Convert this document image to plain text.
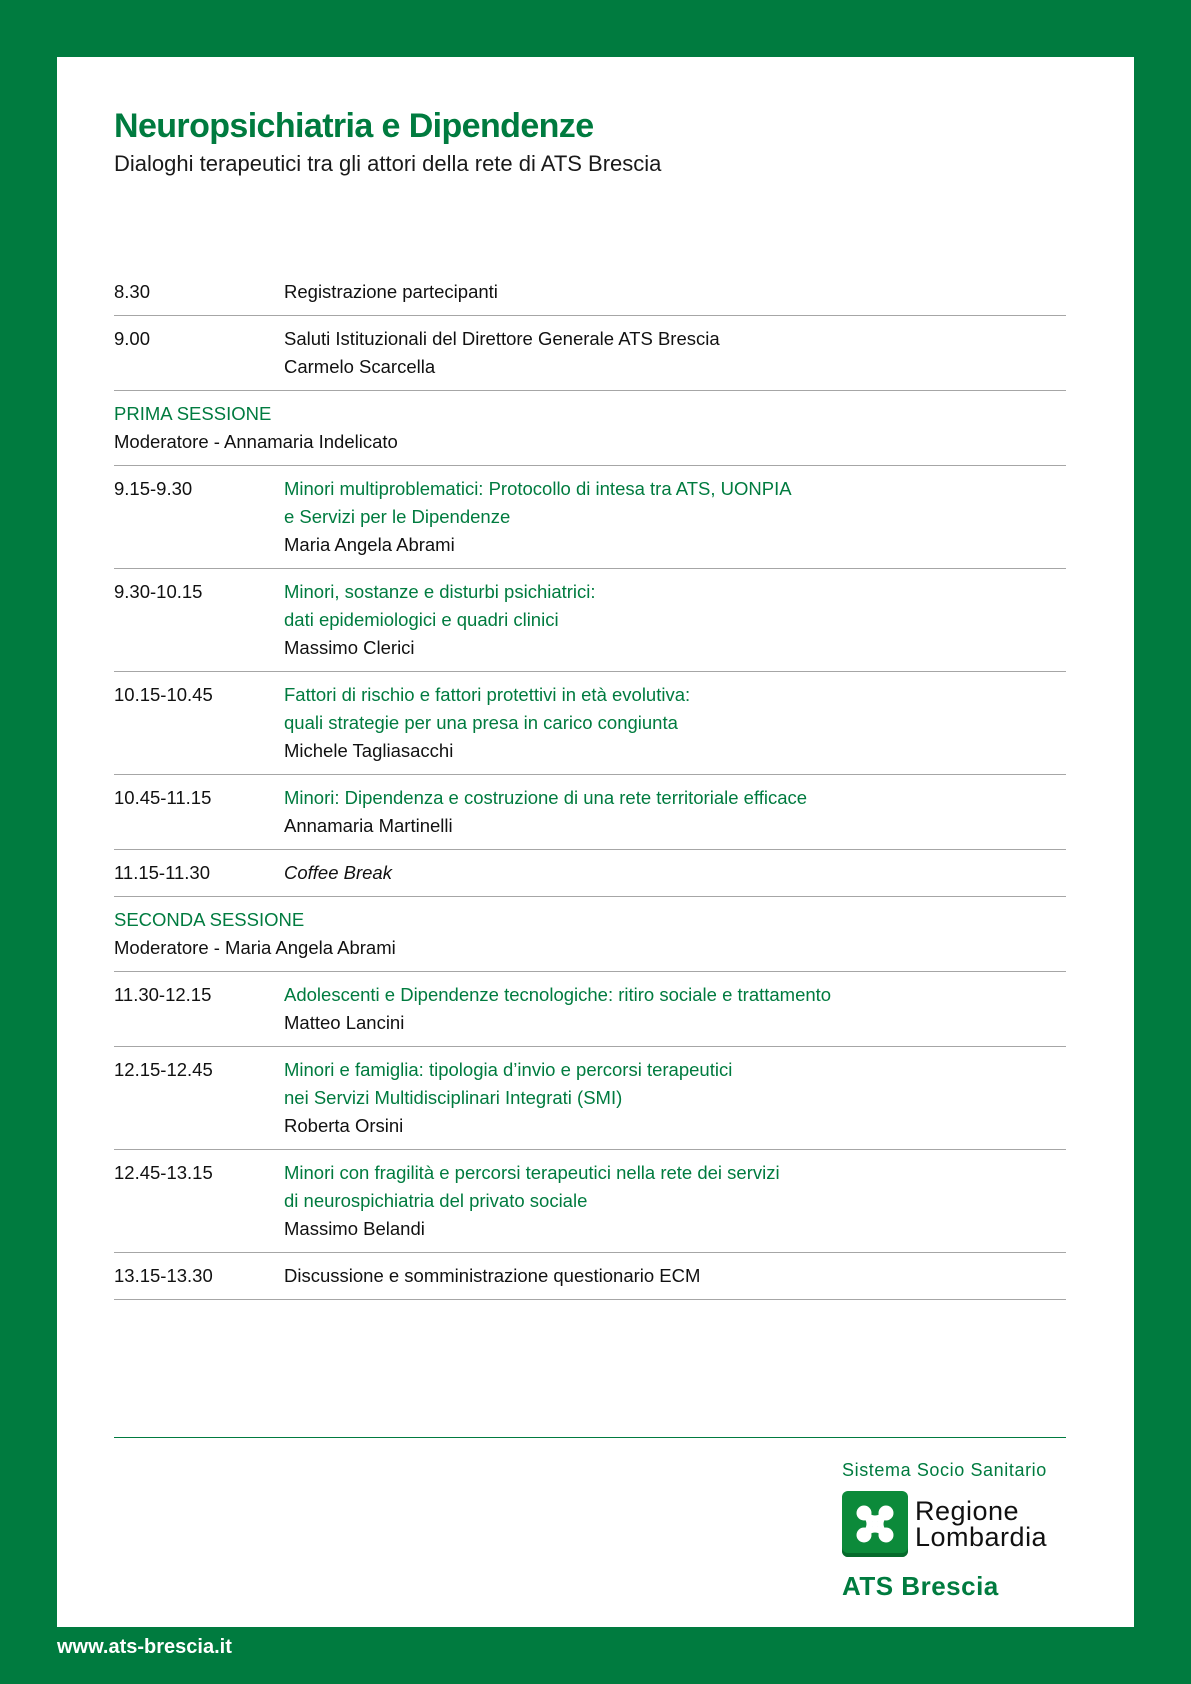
Neuropsichiatria e Dipendenze

Dialoghi terapeutici tra gli attori della rete di ATS Brescia

8.30	Registrazione partecipanti
9.00	Saluti Istituzionali del Direttore Generale ATS Brescia
Carmelo Scarcella
PRIMA SESSIONE
Moderatore - Annamaria Indelicato
9.15-9.30	Minori multiproblematici: Protocollo di intesa tra ATS, UONPIA
e Servizi per le Dipendenze
Maria Angela Abrami
9.30-10.15	Minori, sostanze e disturbi psichiatrici:
dati epidemiologici e quadri clinici
Massimo Clerici
10.15-10.45	Fattori di rischio e fattori protettivi in età evolutiva:
quali strategie per una presa in carico congiunta
Michele Tagliasacchi
10.45-11.15	Minori: Dipendenza e costruzione di una rete territoriale efficace
Annamaria Martinelli
11.15-11.30	Coffee Break
SECONDA SESSIONE
Moderatore - Maria Angela Abrami
11.30-12.15	Adolescenti e Dipendenze tecnologiche: ritiro sociale e trattamento
Matteo Lancini
12.15-12.45	Minori e famiglia: tipologia d’invio e percorsi terapeutici
nei Servizi Multidisciplinari Integrati (SMI)
Roberta Orsini
12.45-13.15	Minori con fragilità e percorsi terapeutici nella rete dei servizi
di neurospichiatria del privato sociale
Massimo Belandi
13.15-13.30	Discussione e somministrazione questionario ECM
Sistema Socio Sanitario
Regione
Lombardia
ATS Brescia
www.ats-brescia.it
